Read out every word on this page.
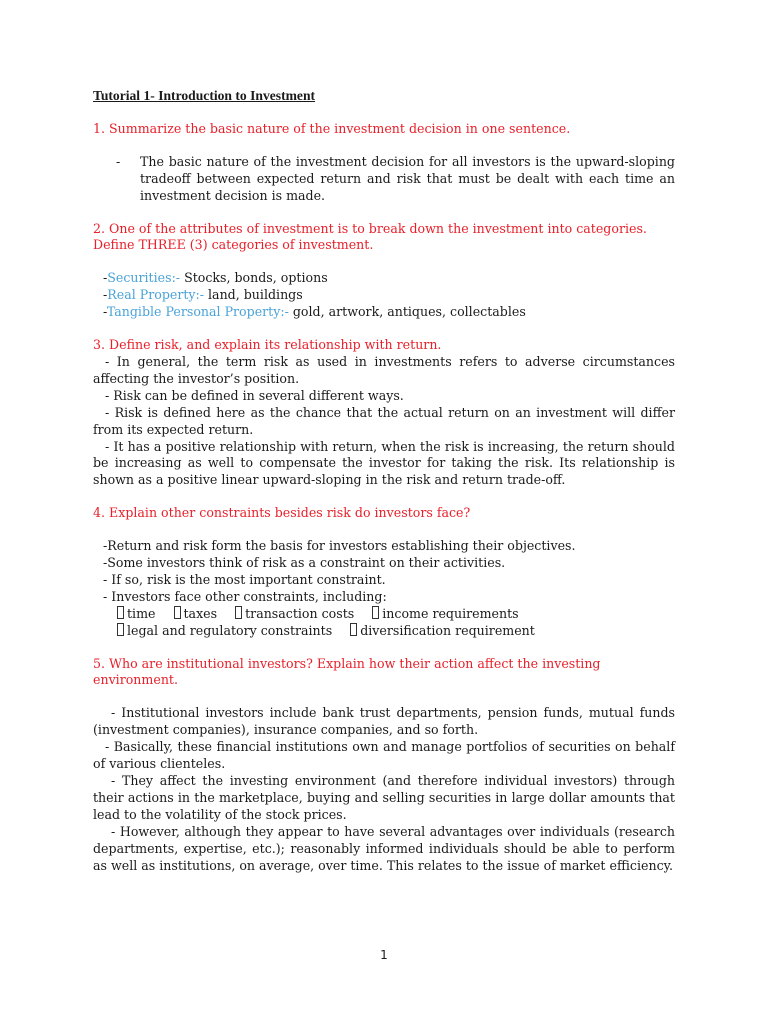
Tutorial 1- Introduction to Investment
1. Summarize the basic nature of the investment decision in one sentence.
-	The basic nature of the investment decision for all investors is the upward-sloping tradeoff between expected return and risk that must be dealt with each time an investment decision is made.
2. One of the attributes of investment is to break down the investment into categories. Define THREE (3) categories of investment.
-Securities:- Stocks, bonds, options
-Real Property:- land, buildings
-Tangible Personal Property:- gold, artwork, antiques, collectables
3. Define risk, and explain its relationship with return.

- In general, the term risk as used in investments refers to adverse circumstances affecting the investor’s position.

- Risk can be defined in several different ways.

- Risk is defined here as the chance that the actual return on an investment will differ from its expected return.

- It has a positive relationship with return, when the risk is increasing, the return should be increasing as well to compensate the investor for taking the risk. Its relationship is shown as a positive linear upward-sloping in the risk and return trade-off.

4. Explain other constraints besides risk do investors face?
-Return and risk form the basis for investors establishing their objectives.
-Some investors think of risk as a constraint on their activities.
- If so, risk is the most important constraint.
- Investors face other constraints, including:
time taxes transaction costs income requirements
legal and regulatory constraints diversification requirement
5. Who are institutional investors? Explain how their action affect the investing environment.

- Institutional investors include bank trust departments, pension funds, mutual funds (investment companies), insurance companies, and so forth.

- Basically, these financial institutions own and manage portfolios of securities on behalf of various clienteles.

- They affect the investing environment (and therefore individual investors) through their actions in the marketplace, buying and selling securities in large dollar amounts that lead to the volatility of the stock prices.

- However, although they appear to have several advantages over individuals (research departments, expertise, etc.); reasonably informed individuals should be able to perform as well as institutions, on average, over time. This relates to the issue of market efficiency.

1
